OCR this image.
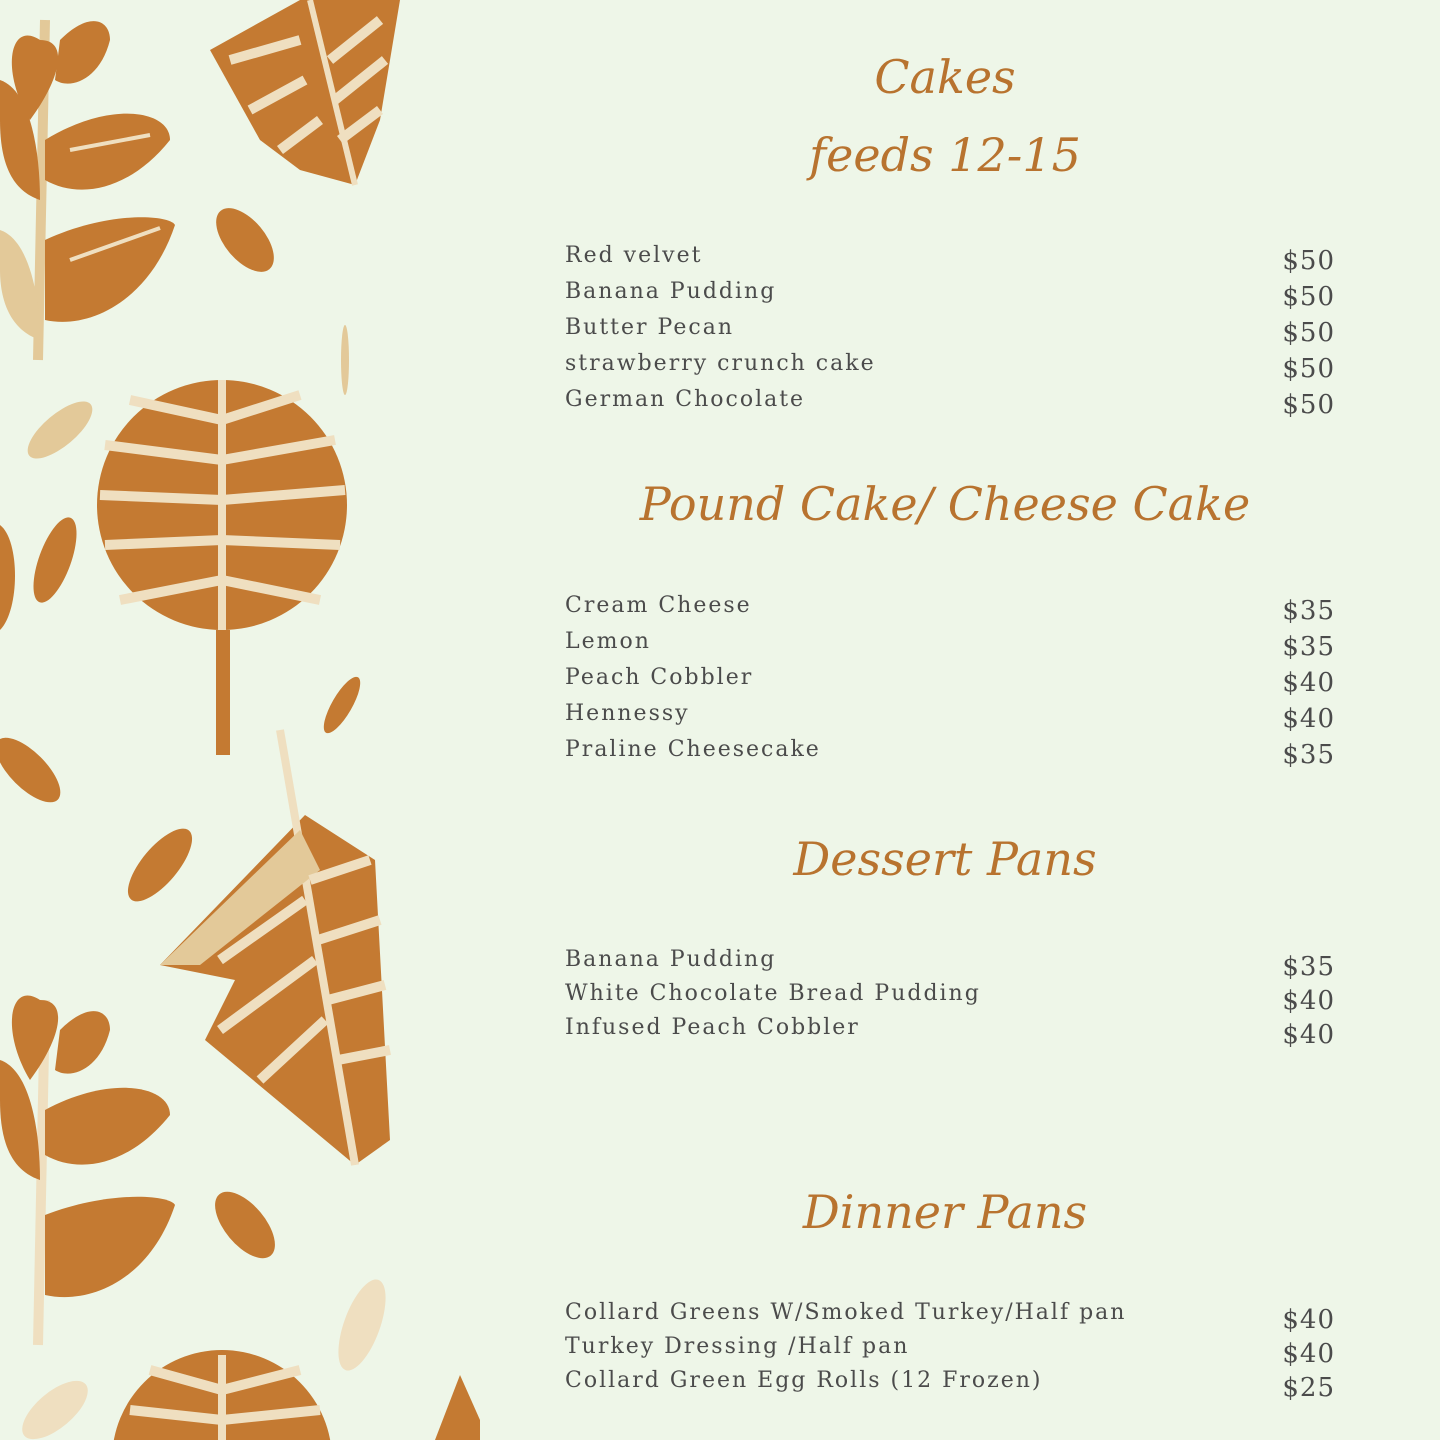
Cakes
feeds 12-15
Red velvet	$50
Banana Pudding	$50
Butter Pecan	$50
strawberry crunch cake	$50
German Chocolate	$50
Pound Cake/ Cheese Cake
Cream Cheese	$35
Lemon	$35
Peach Cobbler	$40
Hennessy	$40
Praline Cheesecake	$35
Dessert Pans
Banana Pudding	$35
White Chocolate Bread Pudding	$40
Infused Peach Cobbler	$40
Dinner Pans
Collard Greens W/Smoked Turkey/Half pan	$40
Turkey Dressing /Half pan	$40
Collard Green Egg Rolls (12 Frozen)	$25
